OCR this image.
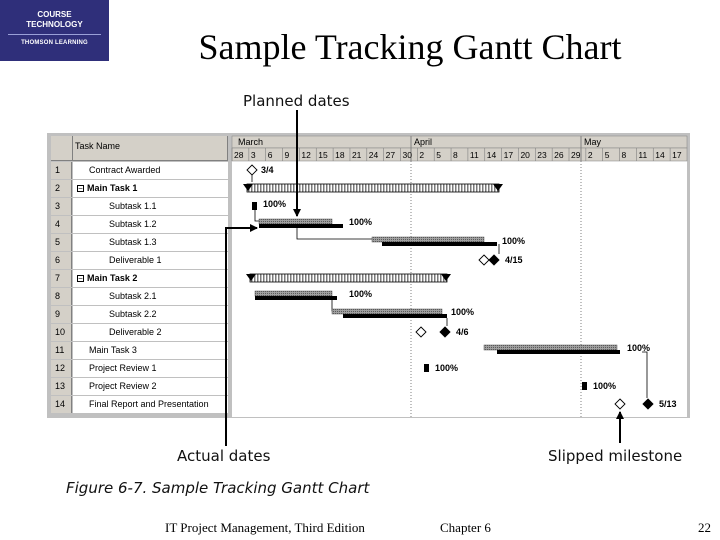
COURSE
TECHNOLOGY
THOMSON LEARNING	Sample Tracking Gantt Chart
Planned dates
Actual dates	Slipped milestone
Task Name
1	Contract Awarded
2	− Main Task 1
3	Subtask 1.1
4	Subtask 1.2
5	Subtask 1.3
6	Deliverable 1
7	− Main Task 2
8	Subtask 2.1
9	Subtask 2.2
10	Deliverable 2
11	Main Task 3
12	Project Review 1
13	Project Review 2
14	Final Report and Presentation
March	April	May
28 3 6 9 12 15 18 21 24 27 30 2 5 8 11 14 17 20 23 26 29 2 5 8 11 14 17
3/4
100%
100%
100%
4/15
100%
100%
4/6
100%
100%
100%
5/13
Figure 6-7. Sample Tracking Gantt Chart
IT Project Management, Third Edition	Chapter 6	22
